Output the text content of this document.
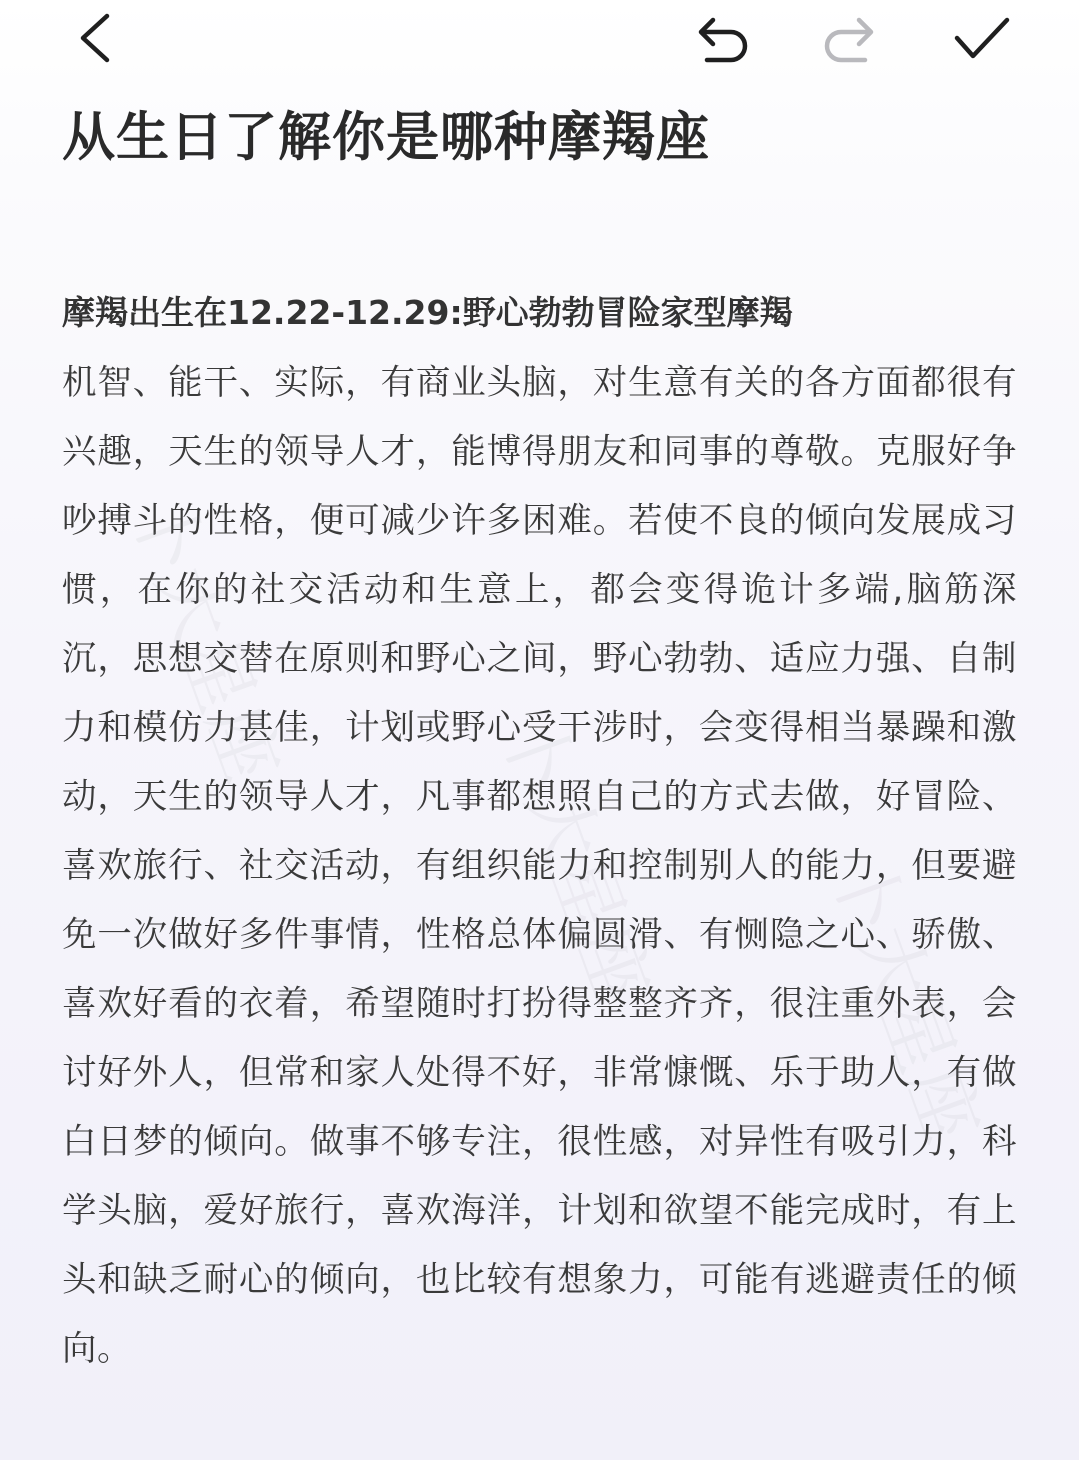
从生日了解你是哪种摩羯座

摩羯出生在12.22-12.29:野心勃勃冒险家型摩羯

机智、能干、实际，有商业头脑，对生意有关的各方面都很有兴趣，天生的领导人才，能博得朋友和同事的尊敬。克服好争吵搏斗的性格，便可减少许多困难。若使不良的倾向发展成习惯，在你的社交活动和生意上，都会变得诡计多端,脑筋深沉，思想交替在原则和野心之间，野心勃勃、适应力强、自制力和模仿力甚佳，计划或野心受干涉时，会变得相当暴躁和激动，天生的领导人才，凡事都想照自己的方式去做，好冒险、喜欢旅行、社交活动，有组织能力和控制别人的能力，但要避免一次做好多件事情，性格总体偏圆滑、有恻隐之心、骄傲、喜欢好看的衣着，希望随时打扮得整整齐齐，很注重外表，会讨好外人，但常和家人处得不好，非常慷慨、乐于助人，有做白日梦的倾向。做事不够专注，很性感，对异性有吸引力，科学头脑，爱好旅行，喜欢海洋，计划和欲望不能完成时，有上头和缺乏耐心的倾向，也比较有想象力，可能有逃避责任的倾向。

卜大星座
卜大星座 卜大星座
